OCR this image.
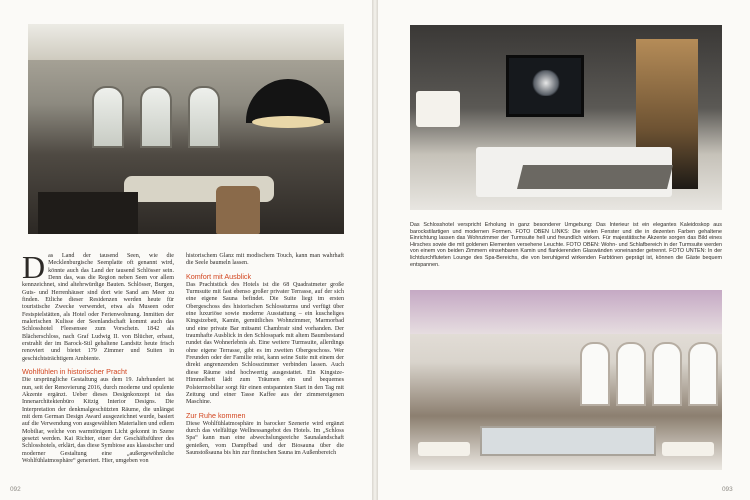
Das Land der tausend Seen, wie die Mecklenburgische Seenplatte oft genannt wird, könnte auch das Land der tausend Schlösser sein. Denn das, was die Region neben Seen vor allem kennzeichnet, sind altehrwürdige Bauten. Schlösser, Burgen, Guts- und Herrenhäuser sind dort wie Sand am Meer zu finden. Etliche dieser Residenzen werden heute für touristische Zwecke verwendet, etwa als Museen oder Festspielstätten, als Hotel oder Ferienwohnung. Inmitten der malerischen Kulisse der Seenlandschaft kommt auch das Schlosshotel Fleesensee zum Vorschein. 1842 als Blächerschloss, nach Graf Ludwig II. von Blücher, erbaut, erstrahlt der im Barock-Stil gehaltene Landsitz heute frisch renoviert und bietet 179 Zimmer und Suiten in geschichtsträchtigem Ambiente.

Wohlfühlen in historischer Pracht

Die ursprüngliche Gestaltung aus dem 19. Jahrhundert ist nun, seit der Renovierung 2016, durch moderne und opulente Akzente ergänzt. Ueber dieses Designkonzept ist das Innenarchitektenbüro Kitzig Interior Designs. Die Interpretation der denkmalgeschützten Räume, die unlängst mit dem German Design Award ausgezeichnet wurde, basiert auf die Verwendung von ausgewählten Materialien und edlem Mobiliar, welche von warmtönigem Licht gekonnt in Szene gesetzt werden. Kai Richter, einer der Geschäftsführer des Schlosshotels, erklärt, das diese Symbiose aus klassischer und moderner Gestaltung eine „außergewöhnliche Wohlfühlatmosphäre“ generiert. Hier, umgeben von

historischem Glanz mit modischem Touch, kann man wahrhaft die Seele baumeln lassen.

Komfort mit Ausblick

Das Prachtstück des Hotels ist die 68 Quadratmeter große Turmsuite mit fast ebenso großer privater Terrasse, auf der sich eine eigene Sauna befindet. Die Suite liegt im ersten Obergeschoss des historischen Schlossturms und verfügt über eine luxuriöse sowie moderne Ausstattung – ein kuscheliges Kingsizebett, Kamin, gemütliches Wohnzimmer, Marmorbad und eine private Bar mitsamt Chambrair sind vorhanden. Der traumhafte Ausblick in den Schlosspark mit altem Baumbestand rundet das Wohnerlebnis ab. Eine weitere Turmsuite, allerdings ohne eigene Terrasse, gibt es im zweiten Obergeschoss. Wer Freunden oder der Familie reist, kann seine Suite mit einem der direkt angrenzenden Schlosszimmer verbinden lassen. Auch diese Räume sind hochwertig ausgestattet. Ein Kingsize-Himmelbett lädt zum Träumen ein und bequemes Polstermobiliar sorgt für einen entspannten Start in den Tag mit Zeitung und einer Tasse Kaffee aus der zimmereigenen Maschine.

Zur Ruhe kommen

Diese Wohlfühlatmosphäre in barocker Szenerie wird ergänzt durch das vielfältige Wellnessangebot des Hotels. Im „Schloss Spa“ kann man eine abwechslungsreiche Saunalandschaft genießen, vom Dampfbad und der Biosauna über die Saunstoßsauna bis hin zur finnischen Sauna im Außenbereich

Das Schlosshotel verspricht Erholung in ganz besonderer Umgebung: Das Interieur ist ein elegantes Kaleidoskop aus barockstilartigen und modernen Formen. FOTO OBEN LINKS: Die vielen Fenster und die in dezenten Farben gehaltene Einrichtung lassen das Wohnzimmer der Turmsuite hell und freundlich wirken. Für majestätische Akzente sorgen das Bild eines Hirsches sowie die mit goldenen Elementen versehene Leuchte. FOTO OBEN: Wohn- und Schlafbereich in der Turmsuite werden von einem von beiden Zimmern einsehbaren Kamin und flankierenden Glaswänden voneinander getrennt. FOTO UNTEN: In der lichtdurchfluteten Lounge des Spa-Bereichs, die von beruhigend wirkenden Farbtönen geprägt ist, können die Gäste bequem entspannen.
092	093
